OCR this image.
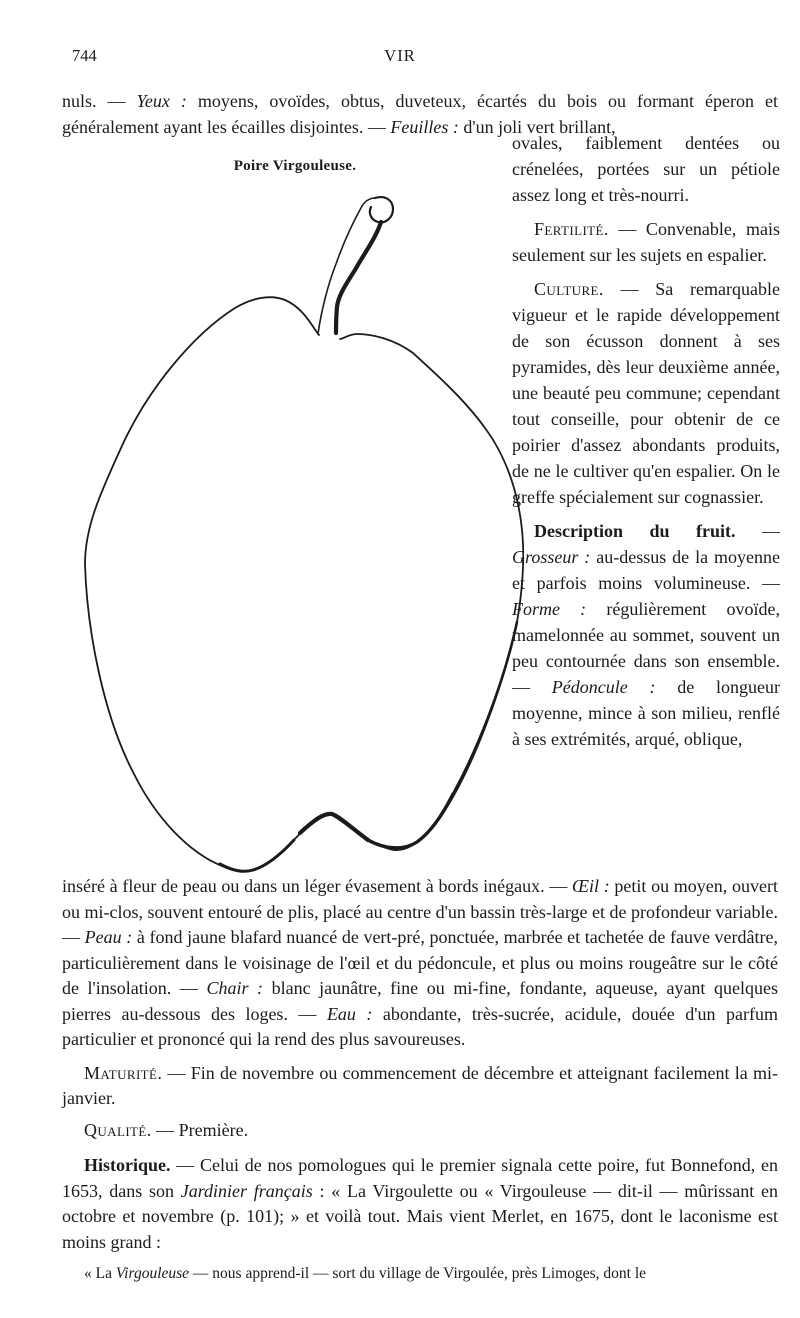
744	VIR

nuls. — Yeux : moyens, ovoïdes, obtus, duveteux, écartés du bois ou formant éperon et généralement ayant les écailles disjointes. — Feuilles : d'un joli vert brillant,

Poire Virgouleuse.

ovales, faiblement dentées ou crénelées, portées sur un pétiole assez long et très-nourri.

Fertilité. — Convenable, mais seulement sur les sujets en espalier.

Culture. — Sa remarquable vigueur et le rapide développement de son écusson donnent à ses pyramides, dès leur deuxième année, une beauté peu commune; cependant tout conseille, pour obtenir de ce poirier d'assez abondants produits, de ne le cultiver qu'en espalier. On le greffe spécialement sur cognassier.

Description du fruit. — Grosseur : au-dessus de la moyenne et parfois moins volumineuse. — Forme : régulièrement ovoïde, mamelonnée au sommet, souvent un peu contournée dans son ensemble. — Pédoncule : de longueur moyenne, mince à son milieu, renflé à ses extrémités, arqué, oblique,

inséré à fleur de peau ou dans un léger évasement à bords inégaux. — Œil : petit ou moyen, ouvert ou mi-clos, souvent entouré de plis, placé au centre d'un bassin très-large et de profondeur variable. — Peau : à fond jaune blafard nuancé de vert-pré, ponctuée, marbrée et tachetée de fauve verdâtre, particulièrement dans le voisinage de l'œil et du pédoncule, et plus ou moins rougeâtre sur le côté de l'insolation. — Chair : blanc jaunâtre, fine ou mi-fine, fondante, aqueuse, ayant quelques pierres au-dessous des loges. — Eau : abondante, très-sucrée, acidule, douée d'un parfum particulier et prononcé qui la rend des plus savoureuses.

Maturité. — Fin de novembre ou commencement de décembre et atteignant facilement la mi-janvier.

Qualité. — Première.

Historique. — Celui de nos pomologues qui le premier signala cette poire, fut Bonnefond, en 1653, dans son Jardinier français : « La Virgoulette ou « Virgouleuse — dit-il — mûrissant en octobre et novembre (p. 101); » et voilà tout. Mais vient Merlet, en 1675, dont le laconisme est moins grand :

« La Virgouleuse — nous apprend-il — sort du village de Virgoulée, près Limoges, dont le
